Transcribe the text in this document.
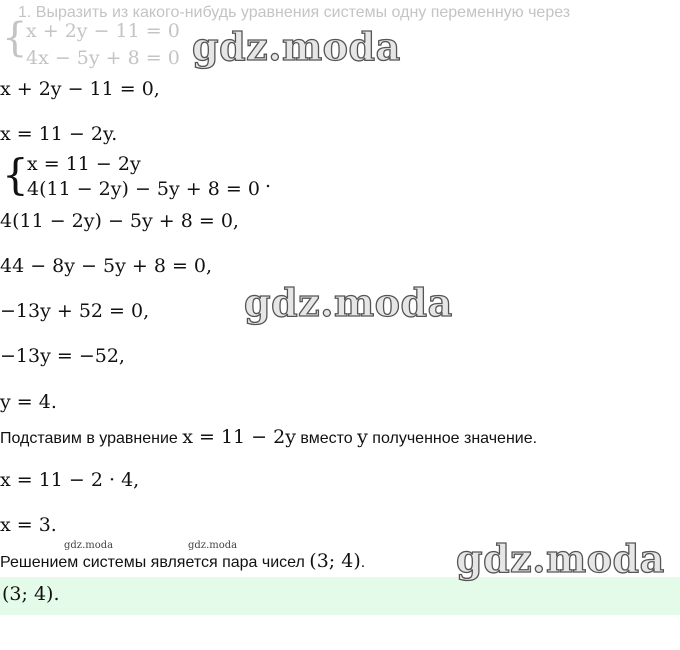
1. Выразить из какого-нибудь уравнения системы одну переменную через
{
x + 2y − 11 = 0
4x − 5y + 8 = 0
x + 2y − 11 = 0,
x = 11 − 2y.
{
x = 11 − 2y
4(11 − 2y) − 5y + 8 = 0 .
4(11 − 2y) − 5y + 8 = 0,
44 − 8y − 5y + 8 = 0,
−13y + 52 = 0,
−13y = −52,
y = 4.
Подставим в уравнение x = 11 − 2y вместо y полученное значение.
x = 11 − 2 · 4,
x = 3.
Решением системы является пара чисел (3; 4).
(3; 4).
gdz.moda
gdz.moda
gdz.moda
gdz.moda	gdz.moda
